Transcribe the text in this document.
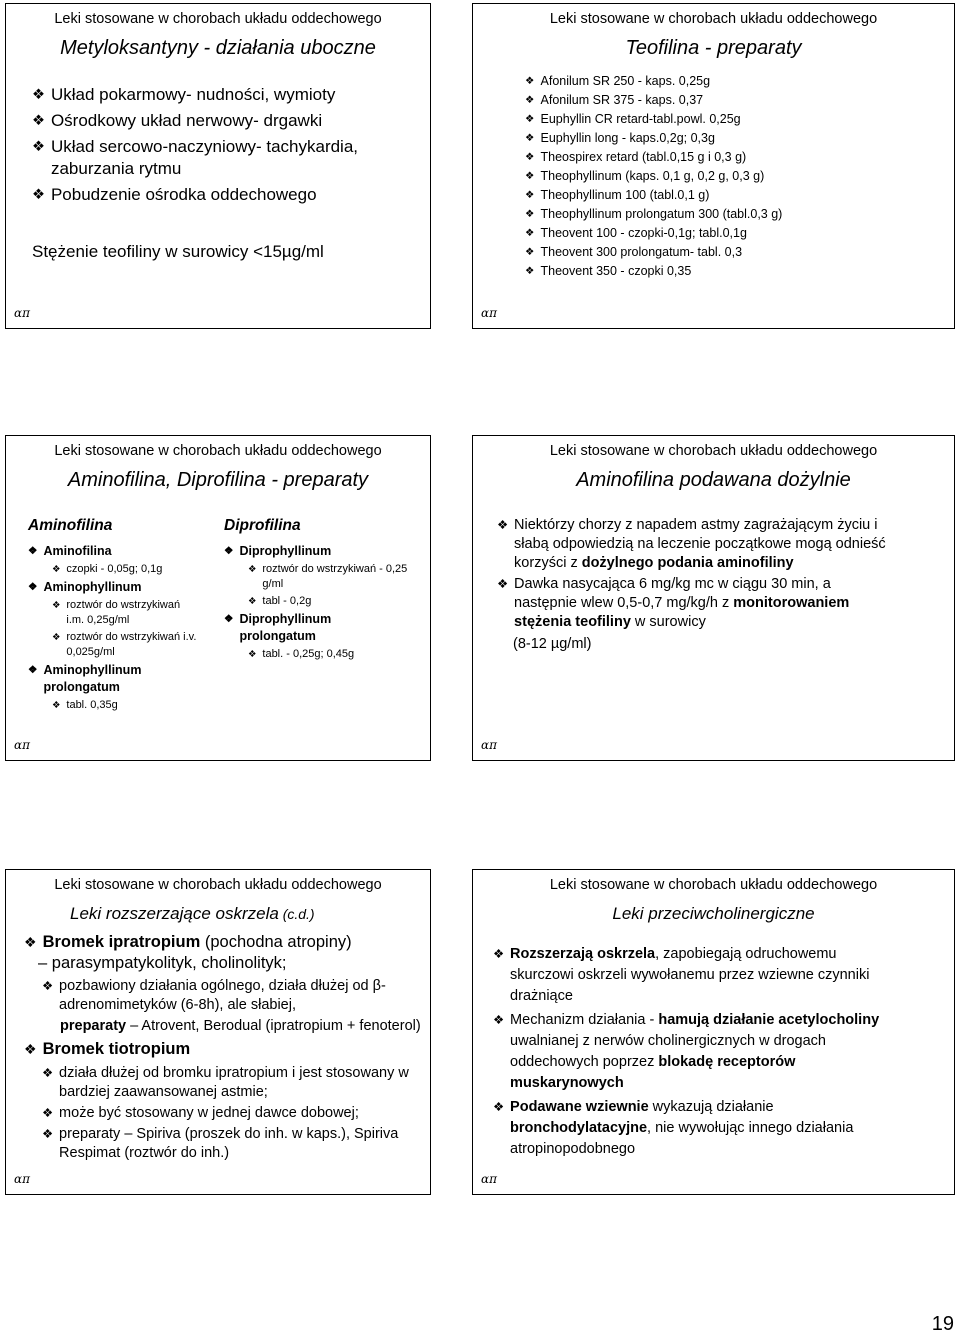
Leki stosowane w chorobach układu oddechowego
Metyloksantyny - działania uboczne
❖ Układ pokarmowy- nudności, wymioty
❖ Ośrodkowy układ nerwowy- drgawki
❖ Układ sercowo-naczyniowy- tachykardia, zaburzania rytmu
❖ Pobudzenie ośrodka oddechowego
Stężenie teofiliny w surowicy <15µg/ml
απ
Leki stosowane w chorobach układu oddechowego
Teofilina - preparaty
❖ Afonilum SR 250 - kaps. 0,25g
❖ Afonilum SR 375 - kaps. 0,37
❖ Euphyllin CR retard-tabl.powl. 0,25g
❖ Euphyllin long - kaps.0,2g; 0,3g
❖ Theospirex retard (tabl.0,15 g i 0,3 g)
❖ Theophyllinum (kaps. 0,1 g, 0,2 g, 0,3 g)
❖ Theophyllinum 100 (tabl.0,1 g)
❖ Theophyllinum prolongatum 300 (tabl.0,3 g)
❖ Theovent 100 - czopki-0,1g; tabl.0,1g
❖ Theovent 300 prolongatum- tabl. 0,3
❖ Theovent 350 - czopki 0,35
απ
Leki stosowane w chorobach układu oddechowego
Aminofilina, Diprofilina - preparaty
Aminofilina
❖ Aminofilina
❖ czopki - 0,05g; 0,1g
❖ Aminophyllinum
❖ roztwór do wstrzykiwań i.m. 0,25g/ml
❖ roztwór do wstrzykiwań i.v. 0,025g/ml
❖ Aminophyllinum prolongatum
❖ tabl. 0,35g
Diprofilina
❖ Diprophyllinum
❖ roztwór do wstrzykiwań - 0,25 g/ml
❖ tabl - 0,2g
❖ Diprophyllinum prolongatum
❖ tabl. - 0,25g; 0,45g
απ
Leki stosowane w chorobach układu oddechowego
Aminofilina podawana dożylnie
❖ Niektórzy chorzy z napadem astmy zagrażającym życiu i słabą odpowiedzią na leczenie początkowe mogą odnieść korzyści z dożylnego podania aminofiliny
❖ Dawka nasycająca 6 mg/kg mc w ciągu 30 min, a następnie wlew 0,5-0,7 mg/kg/h z monitorowaniem stężenia teofiliny w surowicy
(8-12 µg/ml)
απ
Leki stosowane w chorobach układu oddechowego
Leki rozszerzające oskrzela (c.d.)
❖ Bromek ipratropium (pochodna atropiny)
– parasympatykolityk, cholinolityk;
❖ pozbawiony działania ogólnego, działa dłużej od β-adrenomimetyków (6-8h), ale słabiej,
preparaty – Atrovent, Berodual (ipratropium + fenoterol)
❖ Bromek tiotropium
❖ działa dłużej od bromku ipratropium i jest stosowany w bardziej zaawansowanej astmie;
❖ może być stosowany w jednej dawce dobowej;
❖ preparaty – Spiriva (proszek do inh. w kaps.), Spiriva Respimat (roztwór do inh.)
απ
Leki stosowane w chorobach układu oddechowego
Leki przeciwcholinergiczne
❖ Rozszerzają oskrzela, zapobiegają odruchowemu skurczowi oskrzeli wywołanemu przez wziewne czynniki drażniące
❖ Mechanizm działania - hamują działanie acetylocholiny uwalnianej z nerwów cholinergicznych w drogach oddechowych poprzez blokadę receptorów muskarynowych
❖ Podawane wziewnie wykazują działanie bronchodylatacyjne, nie wywołując innego działania atropinopodobnego
απ
19
